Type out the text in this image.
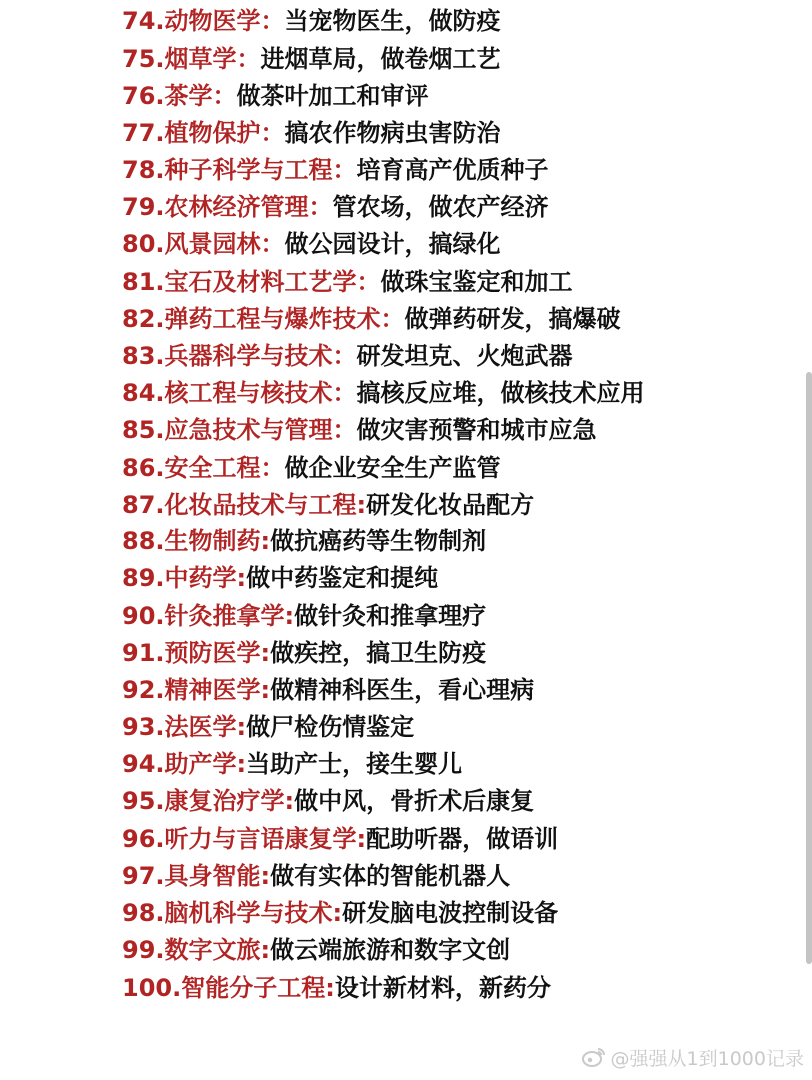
74.动物医学：当宠物医生，做防疫
75.烟草学：进烟草局，做卷烟工艺
76.茶学：做茶叶加工和审评
77.植物保护：搞农作物病虫害防治
78.种子科学与工程：培育高产优质种子
79.农林经济管理：管农场，做农产经济
80.风景园林：做公园设计，搞绿化
81.宝石及材料工艺学：做珠宝鉴定和加工
82.弹药工程与爆炸技术：做弹药研发，搞爆破
83.兵器科学与技术：研发坦克、火炮武器
84.核工程与核技术：搞核反应堆，做核技术应用
85.应急技术与管理：做灾害预警和城市应急
86.安全工程：做企业安全生产监管
87.化妆品技术与工程:研发化妆品配方
88.生物制药:做抗癌药等生物制剂
89.中药学:做中药鉴定和提纯
90.针灸推拿学:做针灸和推拿理疗
91.预防医学:做疾控，搞卫生防疫
92.精神医学:做精神科医生，看心理病
93.法医学:做尸检伤情鉴定
94.助产学:当助产士，接生婴儿
95.康复治疗学:做中风，骨折术后康复
96.听力与言语康复学:配助听器，做语训
97.具身智能:做有实体的智能机器人
98.脑机科学与技术:研发脑电波控制设备
99.数字文旅:做云端旅游和数字文创
100.智能分子工程:设计新材料，新药分
@强强从1到1000记录
